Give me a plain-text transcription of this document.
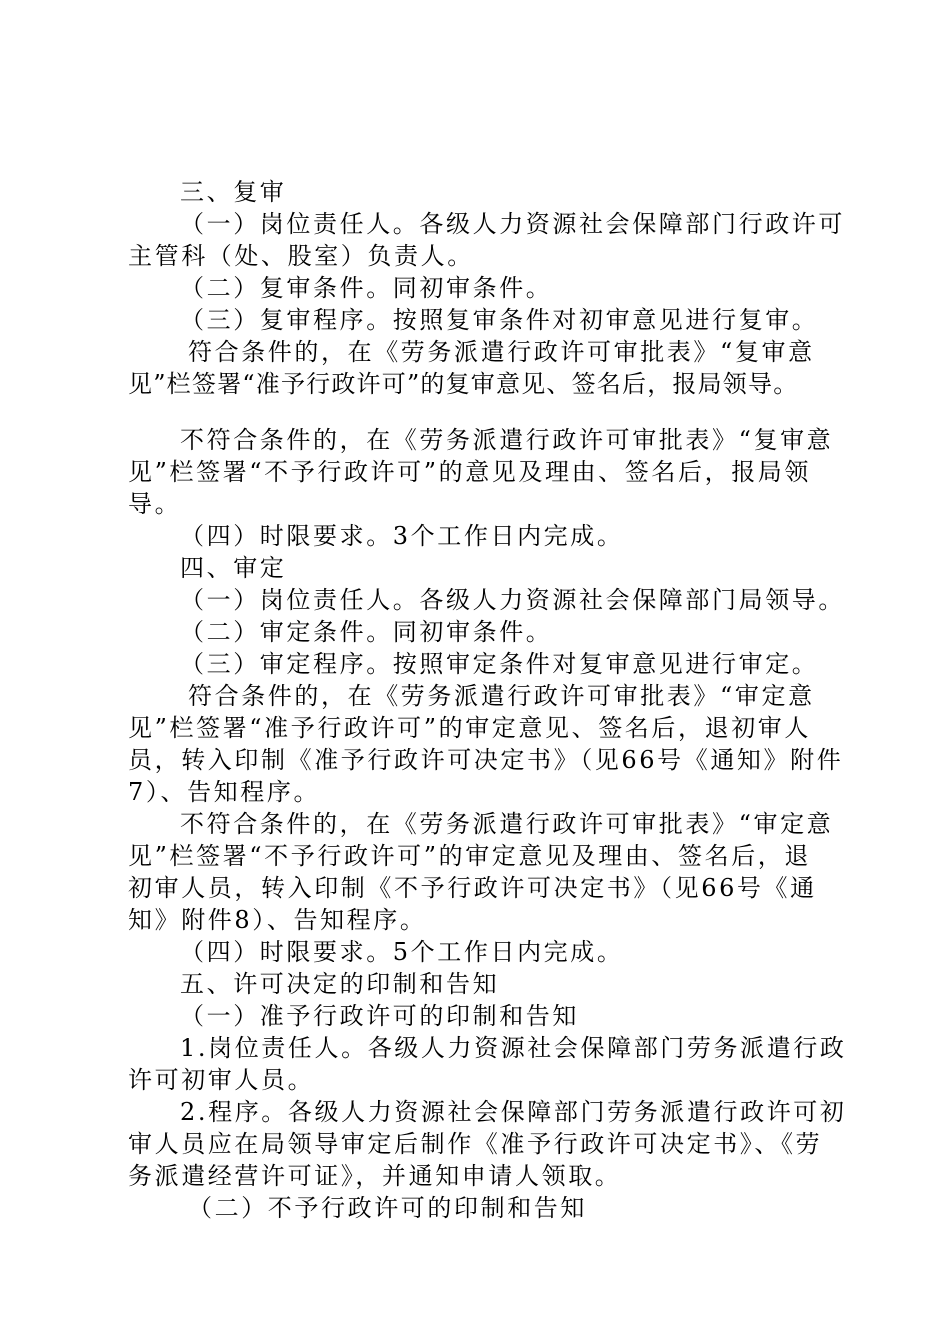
三、复审
（一）岗位责任人。各级人力资源社会保障部门行政许可
主管科（处、股室）负责人。
（二）复审条件。同初审条件。
（三）复审程序。按照复审条件对初审意见进行复审。
符合条件的，在《劳务派遣行政许可审批表》“复审意
见”栏签署“准予行政许可”的复审意见、签名后，报局领导。
不符合条件的，在《劳务派遣行政许可审批表》“复审意
见”栏签署“不予行政许可”的意见及理由、签名后，报局领
导。
（四）时限要求。3个工作日内完成。
四、审定
（一）岗位责任人。各级人力资源社会保障部门局领导。
（二）审定条件。同初审条件。
（三）审定程序。按照审定条件对复审意见进行审定。
符合条件的，在《劳务派遣行政许可审批表》“审定意
见”栏签署“准予行政许可”的审定意见、签名后，退初审人
员，转入印制《准予行政许可决定书》（见66号《通知》附件
7）、告知程序。
不符合条件的，在《劳务派遣行政许可审批表》“审定意
见”栏签署“不予行政许可”的审定意见及理由、签名后，退
初审人员，转入印制《不予行政许可决定书》（见66号《通
知》附件8）、告知程序。
（四）时限要求。5个工作日内完成。
五、许可决定的印制和告知
（一）准予行政许可的印制和告知
1.岗位责任人。各级人力资源社会保障部门劳务派遣行政
许可初审人员。
2.程序。各级人力资源社会保障部门劳务派遣行政许可初
审人员应在局领导审定后制作《准予行政许可决定书》、《劳
务派遣经营许可证》，并通知申请人领取。
（二）不予行政许可的印制和告知
